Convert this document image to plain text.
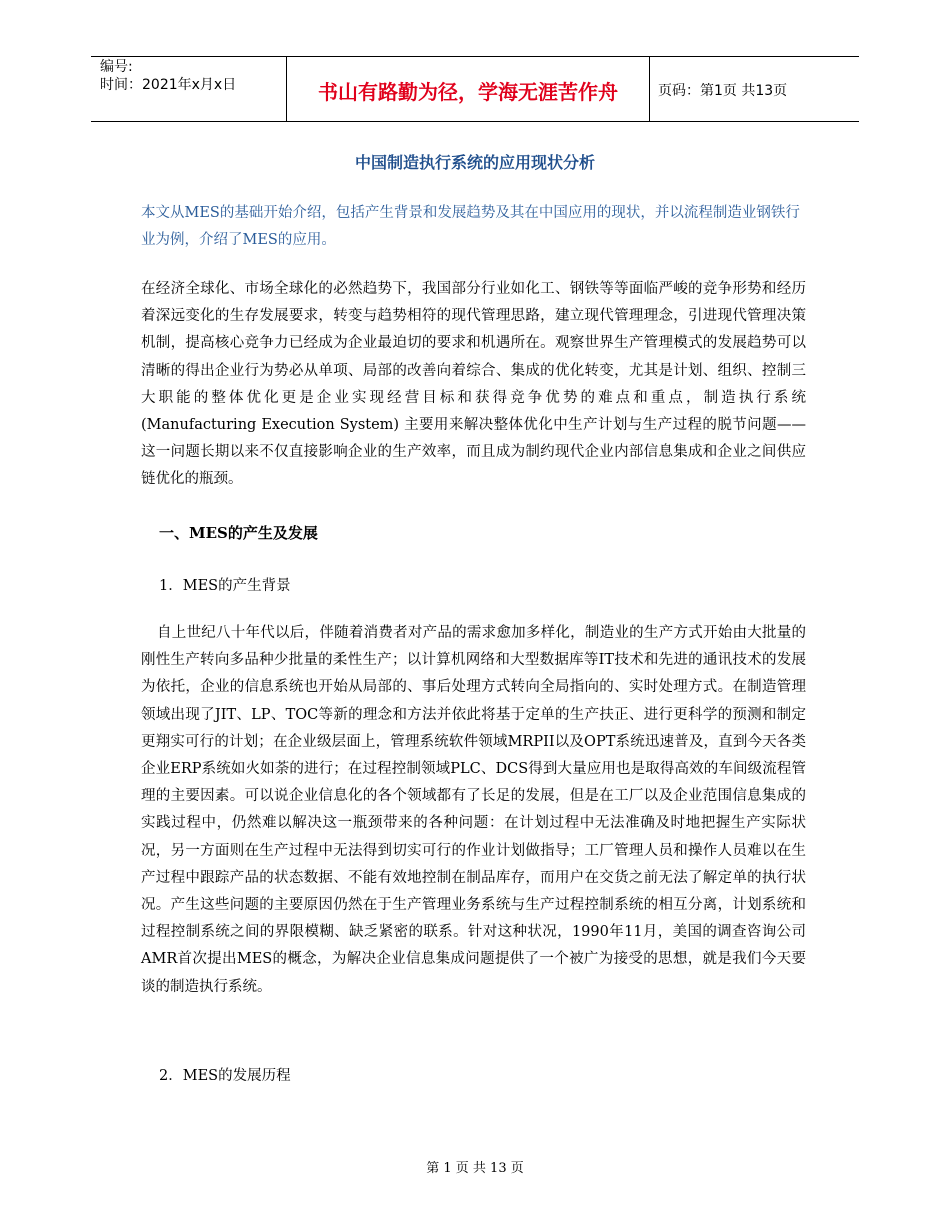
编号:
时间：2021年x月x日	书山有路勤为径，学海无涯苦作舟	页码：第1页 共13页
中国制造执行系统的应用现状分析

本文从MES的基础开始介绍，包括产生背景和发展趋势及其在中国应用的现状，并以流程制造业钢铁行业为例，介绍了MES的应用。

在经济全球化、市场全球化的必然趋势下，我国部分行业如化工、钢铁等等面临严峻的竞争形势和经历着深远变化的生存发展要求，转变与趋势相符的现代管理思路，建立现代管理理念，引进现代管理决策机制，提高核心竞争力已经成为企业最迫切的要求和机遇所在。观察世界生产管理模式的发展趋势可以清晰的得出企业行为势必从单项、局部的改善向着综合、集成的优化转变，尤其是计划、组织、控制三大职能的整体优化更是企业实现经营目标和获得竞争优势的难点和重点，制造执行系统(Manufacturing Execution System) 主要用来解决整体优化中生产计划与生产过程的脱节问题——这一问题长期以来不仅直接影响企业的生产效率，而且成为制约现代企业内部信息集成和企业之间供应链优化的瓶颈。

一、MES的产生及发展

1．MES的产生背景

自上世纪八十年代以后，伴随着消费者对产品的需求愈加多样化，制造业的生产方式开始由大批量的刚性生产转向多品种少批量的柔性生产；以计算机网络和大型数据库等IT技术和先进的通讯技术的发展为依托，企业的信息系统也开始从局部的、事后处理方式转向全局指向的、实时处理方式。在制造管理领域出现了JIT、LP、TOC等新的理念和方法并依此将基于定单的生产扶正、进行更科学的预测和制定更翔实可行的计划；在企业级层面上，管理系统软件领域MRPII以及OPT系统迅速普及，直到今天各类企业ERP系统如火如荼的进行；在过程控制领域PLC、DCS得到大量应用也是取得高效的车间级流程管理的主要因素。可以说企业信息化的各个领域都有了长足的发展，但是在工厂以及企业范围信息集成的实践过程中，仍然难以解决这一瓶颈带来的各种问题：在计划过程中无法准确及时地把握生产实际状况，另一方面则在生产过程中无法得到切实可行的作业计划做指导；工厂管理人员和操作人员难以在生产过程中跟踪产品的状态数据、不能有效地控制在制品库存，而用户在交货之前无法了解定单的执行状况。产生这些问题的主要原因仍然在于生产管理业务系统与生产过程控制系统的相互分离，计划系统和过程控制系统之间的界限模糊、缺乏紧密的联系。针对这种状况，1990年11月，美国的调查咨询公司AMR首次提出MES的概念，为解决企业信息集成问题提供了一个被广为接受的思想，就是我们今天要谈的制造执行系统。

2．MES的发展历程

第 1 页 共 13 页
